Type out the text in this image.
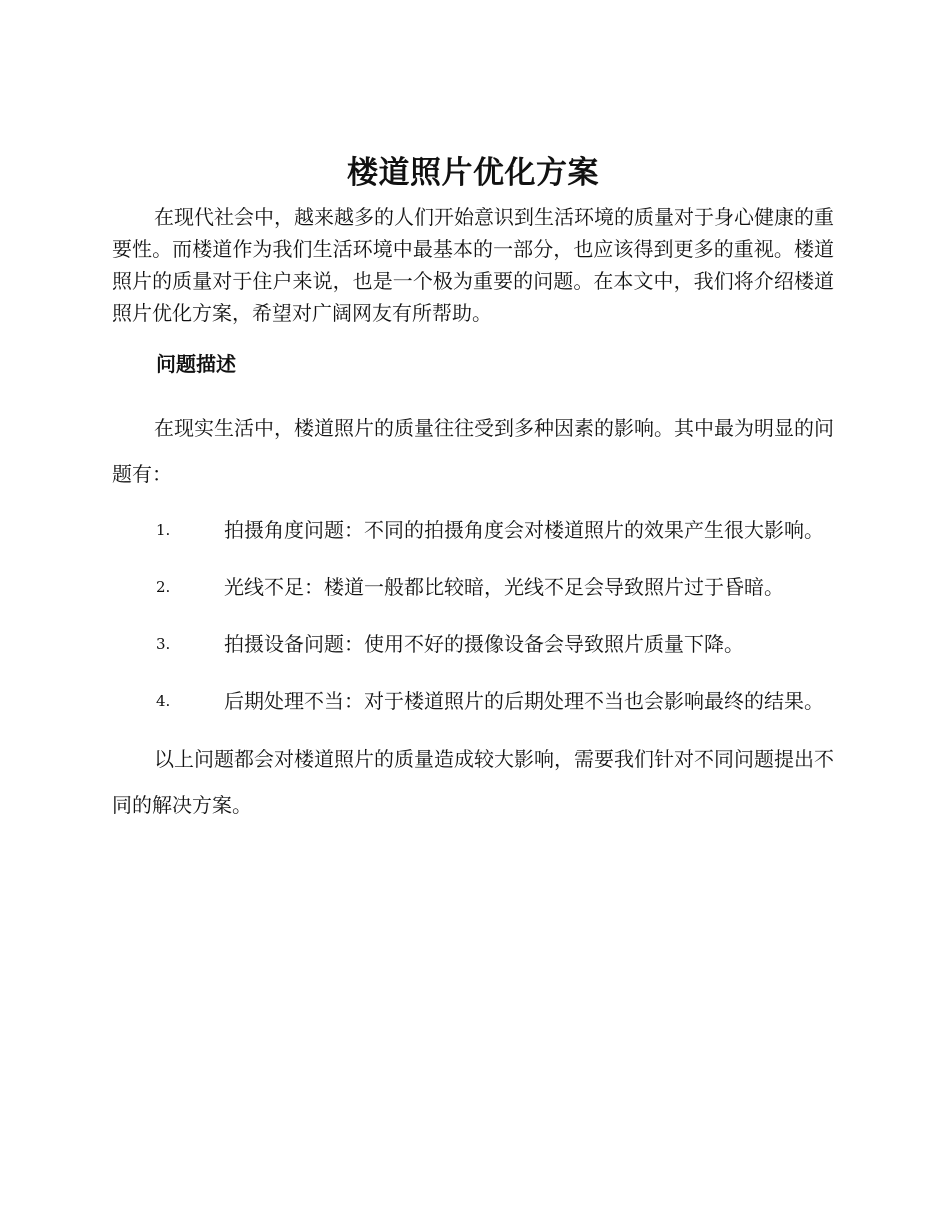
楼道照片优化方案

在现代社会中，越来越多的人们开始意识到生活环境的质量对于身心健康的重要性。而楼道作为我们生活环境中最基本的一部分，也应该得到更多的重视。楼道照片的质量对于住户来说，也是一个极为重要的问题。在本文中，我们将介绍楼道照片优化方案，希望对广阔网友有所帮助。

问题描述

在现实生活中，楼道照片的质量往往受到多种因素的影响。其中最为明显的问题有：

1.	拍摄角度问题：不同的拍摄角度会对楼道照片的效果产生很大影响。
2.	光线不足：楼道一般都比较暗，光线不足会导致照片过于昏暗。
3.	拍摄设备问题：使用不好的摄像设备会导致照片质量下降。
4.	后期处理不当：对于楼道照片的后期处理不当也会影响最终的结果。

以上问题都会对楼道照片的质量造成较大影响，需要我们针对不同问题提出不同的解决方案。
